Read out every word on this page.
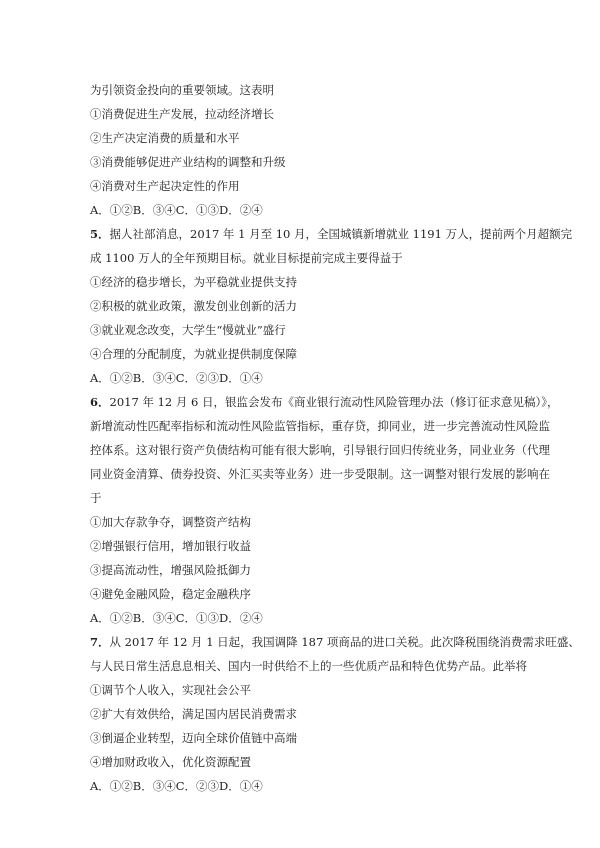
为引领资金投向的重要领域。这表明
①消费促进生产发展，拉动经济增长
②生产决定消费的质量和水平
③消费能够促进产业结构的调整和升级
④消费对生产起决定性的作用
A．①②B．③④C．①③D．②④
5．据人社部消息，2017 年 1 月至 10 月，全国城镇新增就业 1191 万人，提前两个月超额完
成 1100 万人的全年预期目标。就业目标提前完成主要得益于
①经济的稳步增长，为平稳就业提供支持
②积极的就业政策，激发创业创新的活力
③就业观念改变，大学生“慢就业”盛行
④合理的分配制度，为就业提供制度保障
A．①②B．③④C．②③D．①④
6．2017 年 12 月 6 日，银监会发布《商业银行流动性风险管理办法（修订征求意见稿）》，
新增流动性匹配率指标和流动性风险监管指标，重存贷，抑同业，进一步完善流动性风险监
控体系。这对银行资产负债结构可能有很大影响，引导银行回归传统业务，同业业务（代理
同业资金清算、债券投资、外汇买卖等业务）进一步受限制。这一调整对银行发展的影响在
于
①加大存款争夺，调整资产结构
②增强银行信用，增加银行收益
③提高流动性，增强风险抵御力
④避免金融风险，稳定金融秩序
A．①②B．③④C．①③D．②④
7．从 2017 年 12 月 1 日起，我国调降 187 项商品的进口关税。此次降税围绕消费需求旺盛、
与人民日常生活息息相关、国内一时供给不上的一些优质产品和特色优势产品。此举将
①调节个人收入，实现社会公平
②扩大有效供给，满足国内居民消费需求
③倒逼企业转型，迈向全球价值链中高端
④增加财政收入，优化资源配置
A．①②B．③④C．②③D．①④
